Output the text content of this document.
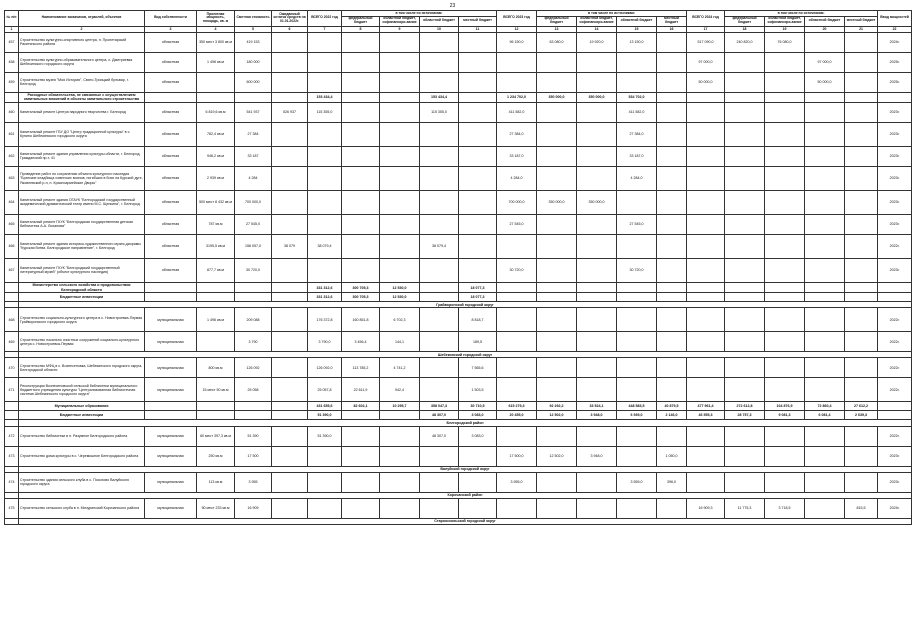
23
№ п/п	Наименование заказчиков, отраслей, объектов	Вид собственности	Проектная мощность, площадь, кв. м	Сметная стоимость	Ожидаемый остаток средств на 01.01.2022г.	ВСЕГО 2022 год	в том числе по источникам:				ВСЕГО 2023 год	в том числе по источникам:				ВСЕГО 2024 год	в том числе по источникам:				Ввод мощностей
							федеральный бюджет	областной бюджет, софинансиро-вание	областной бюджет	местный бюджет		федеральный бюджет	областной бюджет, софинансиро-вание	областной бюджет	местный бюджет		федеральный бюджет	областной бюджет, софинансиро-вание	областной бюджет	местный бюджет	
1	2	3	4	5	6	7	8	9	10	11	12	13	14	15	16	17	18	19	20	21	22
457	Строительство культурно-спортивного центра, п. Пролетарский Ракитянского района	областная	350 мест 3 800 кв.м	419 153							96 150,0	63 080,0	19 920,0	13 150,0		517 090,0	240 820,0	76 080,0			2024г.
458	Строительство культурно-образовательного центра, с. Дмитриевка Шебекинского городского округа	областная	1 496 кв.м	180 000												97 000,0			97 000,0		2025г.
459	Строительство музея "Моя История", Свято-Троицкий бульвар, г. Белгород	областная		600 000												50 000,0			50 000,0		2025г.
	Расходные обязательства, не связанные с осуществлением капитальных вложений в объекты капитального строительства					153 434,4			153 434,4		1 234 702,0	350 000,0	350 000,0	534 702,0							
460	Капитальный ремонт Центра народного творчества г. Белгород	областная	6 819,6 кв.м	541 937	526 937	115 355,0			115 355,0		411 582,0			411 582,0							2023г.
461	Капитальный ремонт ГБУ ДО "Центр традиционной культуры" в с. Купино Шебекинского городского округа	областная	782,4 кв.м	27 384							27 384,0			27 384,0							2023г.
462	Капитальный ремонт здания управления культуры области, г. Белгород, Гражданский пр-т, 41	областная	946,2 кв.м	33 187							33 187,0			33 187,0							2023г.
463	Проведение работ по сохранению объекта культурного наследия "Братские кладбища советских воинов, погибших в боях на Курской дуге, Яковлевский р-н, п. Красноармейские Дворы"	областная	2 939 кв.м	4 284							4 284,0			4 284,0							2023г.
464	Капитальный ремонт здания ОГАУК "Белгородский государственный академический драматический театр имени М.С. Щепкина", г. Белгород	областная	500 мест 8 432 кв.м	700 000,0							700 000,0	350 000,0	350 000,0								2023г.
465	Капитальный ремонт ГКУК "Белгородская государственная детская библиотека А.А. Лиханова"	областная	787 кв.м	27 545,0							27 545,0			27 545,0							2023г.
466	Капитальный ремонт здания историко-художественного музея-диорамы "Курская битва. Белгородское направление", г. Белгород	областная	3195,5 кв.м	156 057,0	38 079	38 079,4			38 079,4												2022г.
467	Капитальный ремонт ГКУК "Белгородский государственный литературный музей" (объект культурного наследия)	областная	877,7 кв.м	30 720,0							30 720,0			30 720,0							2023г.
	Министерство сельского хозяйства и продовольствия Белгородской области					331 312,6	300 705,3	12 530,0		18 077,3											
	Бюджетные инвестиции					331 312,6	300 705,3	12 530,0		18 077,3											
	Грайворонский городской округ																				
468	Строительство социально-культурного центра в с. Новостроевка-Первая Грайворонского городского округа	муниципальная	1 496 кв.м	209 088		176 372,8	160 851,8	6 702,3		8 818,7											2022г.
469	Строительство локально очистных сооружений социально-культурного центра с. Новостроевка-Первая	муниципальная		3 790		3 790,0	3 456,4	144,1		189,5											2022г.
	Шебекинский городской округ																				
470	Строительство МФЦ в с. Вознесеновка, Шебекинского городского округа, Белгородской области	муниципальная	800 кв.м	126 092		126 092,0	113 785,2	4 741,2		7 565,6											2022г.
471	Реконструкция Вознесеновской сельской библиотеки муниципального бюджетного учреждения культуры "Централизованная библиотечная система Шебекинского городского округа"	муниципальная	15 мест 50 кв.м	25 058		25 057,8	22 611,9	942,4		1 503,5											2022г.
	Муниципальные образования					431 655,6	82 602,1	10 295,7	358 047,3	30 710,5	615 279,3	92 292,2	33 524,1	448 583,5	40 879,5	477 961,4	272 612,8	104 876,9	72 860,4	27 612,2	
	Бюджетные инвестиции					51 390,0			48 307,0	3 083,0	20 455,0	12 502,0	3 948,0	6 939,0	2 146,0	46 555,3	28 757,3	9 081,3	6 081,4	2 639,3	
	Белгородский район																				
472	Строительство библиотеки в п. Разумное Белгородского района	муниципальная	60 мест 397,3 кв.м	51 390		51 390,0			48 307,0	3 083,0											2022г.
473	Строительство дома культуры в с. Черемошное Белгородского района	муниципальная	250 кв.м	17 500							17 500,0	12 502,0	3 948,0		1 050,0						2023г.
	Валуйский городской округ																				
474	Строительство здания сельского клуба в с. Посохово Валуйского городского округа	муниципальная	113 кв.м	3 955							3 955,0			3 559,0	396,0						2023г.
	Корочанский район																				
475	Строительство сельского клуба в п. Мичуринский Корочанского района	муниципальная	50 мест 233 кв.м	16 909												16 909,3	11 775,3	3 718,5		815,5	2024г.
	Старооскольский городской округ																				
